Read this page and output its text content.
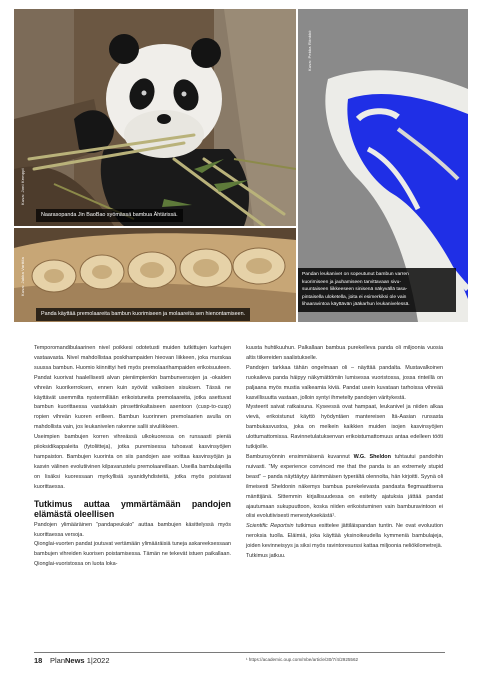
Kuva: Joni Kemppi
Naarasopanda Jin BaoBao syömässä bambua Ähtärissä.
Kuva: Jukka Varttila
Panda käyttää premolaareita bambun kuorimiseen ja molaareita sen hienontamiseen.
Kuva: Pekka Rönkkö
Pandan leukaniveI on sopeutunut bambun varren
kuorimiseen ja jauhamiseen tarvittavaan sivu-
suuntaiseen liikkeeseen sinisenä näkyvällä tasa-
pintaisella uloketella, joita ei esimerkiksi ole vain
lihaaravintoa käyttävän jääkarhun leukanivelessä.

Temporomandibulaarinen nivel poikkesi odotetusti muiden tutkittujen karhujen vastaavasta. Nivel mahdollistaa poskihampaiden hieovan liikkeen, joka murskaa suussa bambun. Huomio kiinnittyi heti myös premolaarihampaiden erikoisuuteen. Pandat kuorivat haalellisesti alvan pieniimpienkin bambunversojen ja -okaiden vihreän kuorikerroksen, ennen kuin syövät valkoisen sisuksen. Tässä ne käyttävät usemmilta nystermillään erikoistuneita premolaareita, jotka asettuvat bambun kuorittaessa vastakkain pinsettinkaltaiseen asentoon (cusp-to-cusp) ropien vihreän kuoren erilleen. Bambun kuorinnen premolaarien avulla on mahdollista vain, jos leukanivelen rakenne sallii sivuliikkeen.

Useimpien bambujen korren vihreässä ulkokuoressa on runsaasti pieniä piioksidikappaleita (fytoliitteja), jotka puremisessa tuhoavat kasvinsyöjien hampaiston. Bambujen kuorinta on siis pandojen ase voittaa kasvinsyöjän ja kasvin välinen evolutiivinen kilpavarustelu premolaareillaan. Useilla bambulajeilla on lisäksi kuoressaan myrkyllisiä syanidiyhdisteitä, jotka myös poistavat kuorittaessa.

Tutkimus auttaa ymmärtämään pandojen elämästä oleellisen

Pandojen ylimääräinen “pandapeukalo” auttaa bambujen käsittelyssä myös kuorittaessa versoja.

Qionglai-vuorten pandat joutuvat vertämään ylimääräisiä tuneja askareeksessaan bambujen vihreiden kuorisen poistamisessa. Tämän ne tekevät istuen paikallaan. Qionglai-vuoristossa on luota loka-

kuusta huhtikuuhun. Palkallaan bambua purekelleva panda oli miljoonia vuosia altis tiikereiden saalistukselle.

Pandojen tarkkaa tähän ongelmaan oli – näyttää pandalta. Mustavalkoinen ruokaileva panda häipyy näkymättömiin lumisessa vuoristossa, jossa rinteillä on paljaana myös mustia valkeamia kiviä. Pandat usein kuvataan tarhoissa vihreää kasvillisuutta vastaan, jolloin syntyi ihmetelty pandojen väritykestä.

Mysteerit saivat ratkaisuna. Kyseessä ovat hampaat, leukanivel ja niiden alkaa vievä, erikoistunut käyttö hyödyntäen mantereisen Itä-Aasian runsasta bambukasvustoa, joka on melkein kaikkien muiden isojen kasvinsyöjien ulottumattomissa. Ravinnetulatuksenvan erikoistumattomuus antaa edelleen tööti tutkijoille.

Bambunsyönnin ensimmäisenä kuvannut W.G. Sheldon tuhtautui pandoihin nuivasti. “My experience convinced me that the panda is an extremely stupid beast” – panda näyttäytyy äärimmäisen typerältä olennolta, hän kirjoitti. Syynä oli ilmeisesti Sheldonin näkemys bambua purekelevasta pandasta flegmaattisena mänttijänä. Sittemmin kirjallisuudessa on esitetty ajatuksia jättää pandat ajautumaan sukupuuttoon, koska niiden erikoistuminen vain bamburavintoon ei olisi evolutiivisesti menestyksekästä¹.

Scientific Reportsin tutkimus esittelee jättiläispandan tuntin. Ne ovat evoluution neroksia tuolla. Eläimiä, joka käyttää yksinoikeudella kymmeniä bambulajeja, joiden kevinneisyys ja siksi myös ravintoresurssi kattaa miljoonia neliökilometrejä.

Tutkimus jatkuu.

18 PlanNews 1|2022	¹ https://academic.oup.com/mbe/article/30/7/4/2925562
